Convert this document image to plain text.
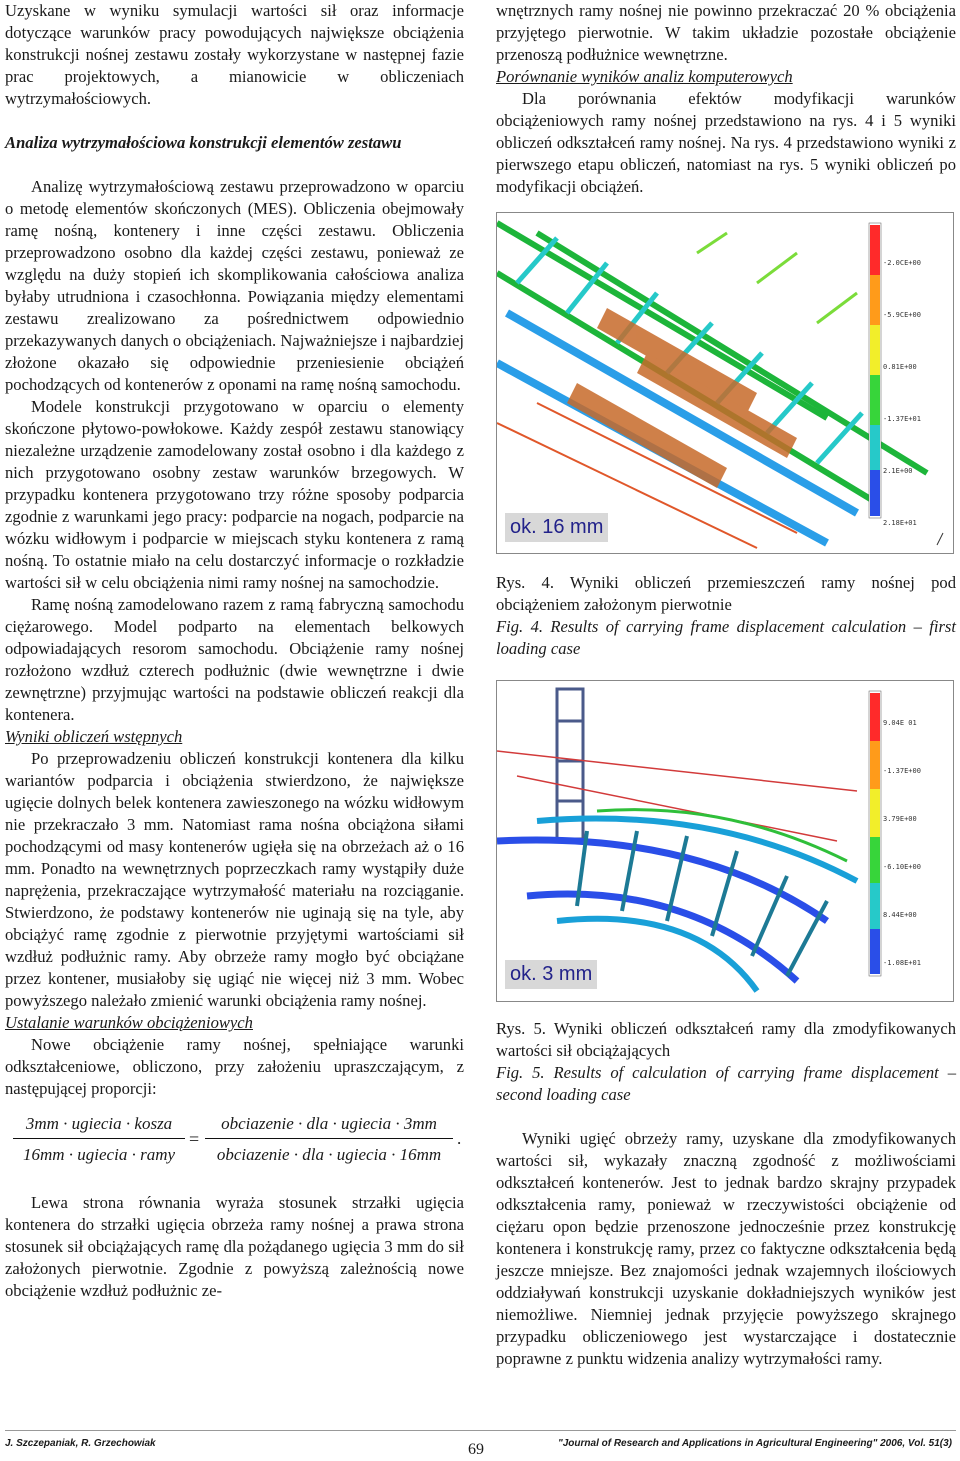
Uzyskane w wyniku symulacji wartości sił oraz informacje dotyczące warunków pracy powodujących największe obciążenia konstrukcji nośnej zestawu zostały wykorzystane w następnej fazie prac projektowych, a mianowicie w obliczeniach wytrzymałościowych.

Analiza wytrzymałościowa konstrukcji elementów zestawu

Analizę wytrzymałościową zestawu przeprowadzono w oparciu o metodę elementów skończonych (MES). Obliczenia obejmowały ramę nośną, kontenery i inne części zestawu. Obliczenia przeprowadzono osobno dla każdej części zestawu, ponieważ ze względu na duży stopień ich skomplikowania całościowa analiza byłaby utrudniona i czasochłonna. Powiązania między elementami zestawu zrealizowano za pośrednictwem odpowiednio przekazywanych danych o obciążeniach. Najważniejsze i najbardziej złożone okazało się odpowiednie przeniesienie obciążeń pochodzących od kontenerów z oponami na ramę nośną samochodu.

Modele konstrukcji przygotowano w oparciu o elementy skończone płytowo-powłokowe. Każdy zespół zestawu stanowiący niezależne urządzenie zamodelowany został osobno i dla każdego z nich przygotowano osobny zestaw warunków brzegowych. W przypadku kontenera przygotowano trzy różne sposoby podparcia zgodnie z warunkami jego pracy: podparcie na nogach, podparcie na wózku widłowym i podparcie w miejscach styku kontenera z ramą nośną. To ostatnie miało na celu dostarczyć informacje o rozkładzie wartości sił w celu obciążenia nimi ramy nośnej na samochodzie.

Ramę nośną zamodelowano razem z ramą fabryczną samochodu ciężarowego. Model podparto na elementach belkowych odpowiadających resorom samochodu. Obciążenie ramy nośnej rozłożono wzdłuż czterech podłużnic (dwie wewnętrzne i dwie zewnętrzne) przyjmując wartości na podstawie obliczeń reakcji dla kontenera.

Wyniki obliczeń wstępnych

Po przeprowadzeniu obliczeń konstrukcji kontenera dla kilku wariantów podparcia i obciążenia stwierdzono, że największe ugięcie dolnych belek kontenera zawieszonego na wózku widłowym nie przekraczało 3 mm. Natomiast rama nośna obciążona siłami pochodzącymi od masy kontenerów ugięła się na obrzeżach aż o 16 mm. Ponadto na wewnętrznych poprzeczkach ramy wystąpiły duże naprężenia, przekraczające wytrzymałość materiału na rozciąganie. Stwierdzono, że podstawy kontenerów nie uginają się na tyle, aby obciążyć ramę zgodnie z pierwotnie przyjętymi wartościami sił wzdłuż podłużnic ramy. Aby obrzeże ramy mogło być obciążane przez kontener, musiałoby się ugiąć nie więcej niż 3 mm. Wobec powyższego należało zmienić warunki obciążenia ramy nośnej.

Ustalanie warunków obciążeniowych

Nowe obciążenie ramy nośnej, spełniające warunki odkształceniowe, obliczono, przy założeniu upraszczającym, z następującej proporcji:

3mm · ugiecia · kosza
16mm · ugiecia · ramy
=
obciazenie · dla · ugiecia · 3mm
obciazenie · dla · ugiecia · 16mm
.

Lewa strona równania wyraża stosunek strzałki ugięcia kontenera do strzałki ugięcia obrzeża ramy nośnej a prawa strona stosunek sił obciążających ramę dla pożądanego ugięcia 3 mm do sił założonych pierwotnie. Zgodnie z powyższą zależnością nowe obciążenie wzdłuż podłużnic ze-

wnętrznych ramy nośnej nie powinno przekraczać 20 % obciążenia przyjętego pierwotnie. W takim układzie pozostałe obciążenie przenoszą podłużnice wewnętrzne.

Porównanie wyników analiz komputerowych

Dla porównania efektów modyfikacji warunków obciążeniowych ramy nośnej przedstawiono na rys. 4 i 5 wyniki obliczeń odkształceń ramy nośnej. Na rys. 4 przedstawiono wyniki z pierwszego etapu obliczeń, natomiast na rys. 5 wyniki obliczeń po modyfikacji obciążeń.

-2.0CE+00
-5.9CE+00
0.81E+00
-1.37E+01
2.1E+00
2.18E+01
ok. 16 mm

Rys. 4. Wyniki obliczeń przemieszczeń ramy nośnej pod obciążeniem założonym pierwotnie

Fig. 4. Results of carrying frame displacement calculation – first loading case

9.04E 01
-1.37E+00
3.79E+00
-6.10E+00
8.44E+00
-1.08E+01
ok. 3 mm

Rys. 5. Wyniki obliczeń odkształceń ramy dla zmodyfikowanych wartości sił obciążających

Fig. 5. Results of calculation of carrying frame displacement – second loading case

Wyniki ugięć obrzeży ramy, uzyskane dla zmodyfikowanych wartości sił, wykazały znaczną zgodność z możliwościami odkształceń kontenerów. Jest to jednak bardzo skrajny przypadek odkształcenia ramy, ponieważ w rzeczywistości obciążenie od ciężaru opon będzie przenoszone jednocześnie przez konstrukcję kontenera i konstrukcję ramy, przez co faktyczne odkształcenia będą jeszcze mniejsze. Bez znajomości jednak wzajemnych ilościowych oddziaływań konstrukcji uzyskanie dokładniejszych wyników jest niemożliwe. Niemniej jednak przyjęcie powyższego skrajnego przypadku obliczeniowego jest wystarczające i dostatecznie poprawne z punktu widzenia analizy wytrzymałości ramy.

J. Szczepaniak, R. Grzechowiak	69	"Journal of Research and Applications in Agricultural Engineering" 2006, Vol. 51(3)
